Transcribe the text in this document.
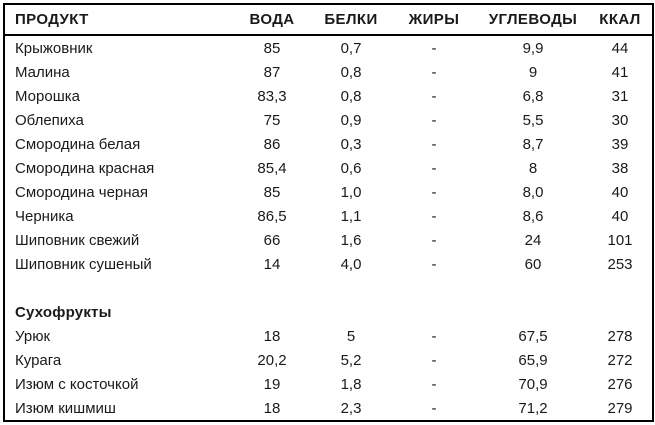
ПРОДУКТ	ВОДА	БЕЛКИ	ЖИРЫ	УГЛЕВОДЫ	ККАЛ
Крыжовник	85	0,7	-	9,9	44
Малина	87	0,8	-	9	41
Морошка	83,3	0,8	-	6,8	31
Облепиха	75	0,9	-	5,5	30
Смородина белая	86	0,3	-	8,7	39
Смородина красная	85,4	0,6	-	8	38
Смородина черная	85	1,0	-	8,0	40
Черника	86,5	1,1	-	8,6	40
Шиповник свежий	66	1,6	-	24	101
Шиповник сушеный	14	4,0	-	60	253

Сухофрукты					
Урюк	18	5	-	67,5	278
Курага	20,2	5,2	-	65,9	272
Изюм с косточкой	19	1,8	-	70,9	276
Изюм кишмиш	18	2,3	-	71,2	279
